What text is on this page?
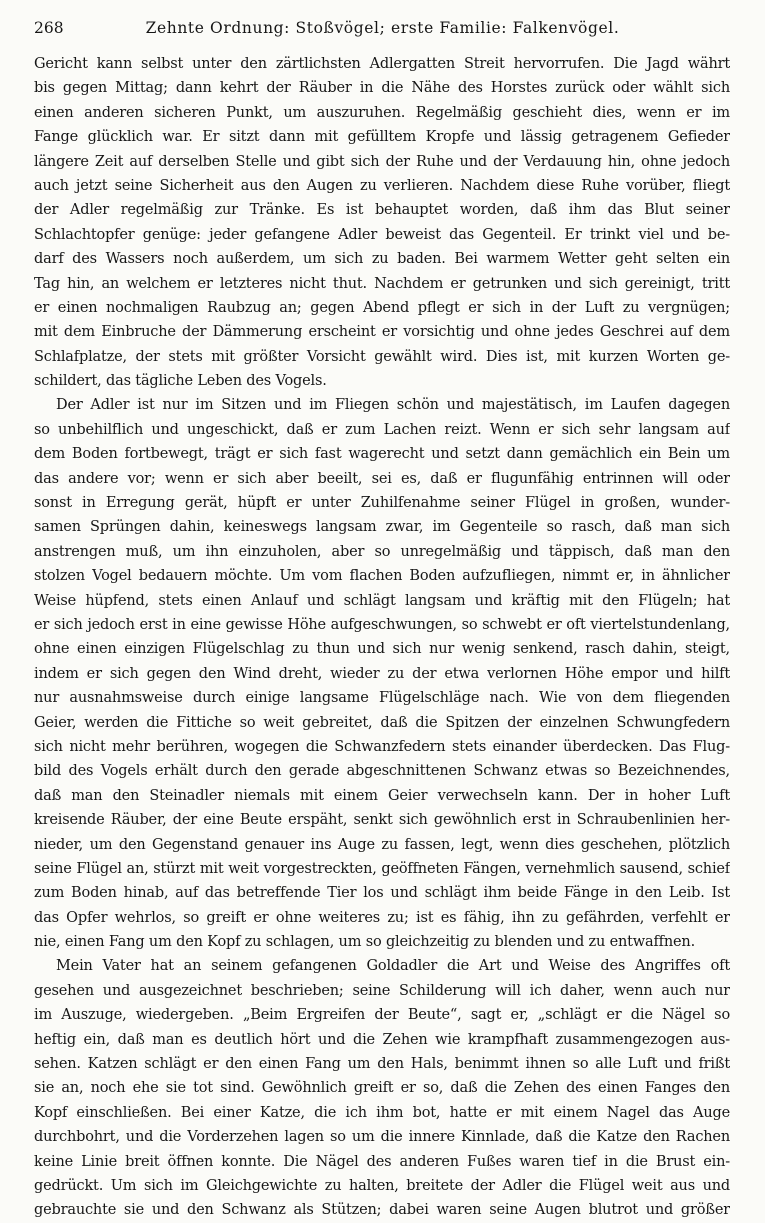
268	Zehnte Ordnung: Stoßvögel; erste Familie: Falkenvögel.
Gericht kann selbst unter den zärtlichsten Adlergatten Streit hervorrufen. Die Jagd währt
bis gegen Mittag; dann kehrt der Räuber in die Nähe des Horstes zurück oder wählt sich
einen anderen sicheren Punkt, um auszuruhen. Regelmäßig geschieht dies, wenn er im
Fange glücklich war. Er sitzt dann mit gefülltem Kropfe und lässig getragenem Gefieder
längere Zeit auf derselben Stelle und gibt sich der Ruhe und der Verdauung hin, ohne jedoch
auch jetzt seine Sicherheit aus den Augen zu verlieren. Nachdem diese Ruhe vorüber, fliegt
der Adler regelmäßig zur Tränke. Es ist behauptet worden, daß ihm das Blut seiner
Schlachtopfer genüge: jeder gefangene Adler beweist das Gegenteil. Er trinkt viel und be-
darf des Wassers noch außerdem, um sich zu baden. Bei warmem Wetter geht selten ein
Tag hin, an welchem er letzteres nicht thut. Nachdem er getrunken und sich gereinigt, tritt
er einen nochmaligen Raubzug an; gegen Abend pflegt er sich in der Luft zu vergnügen;
mit dem Einbruche der Dämmerung erscheint er vorsichtig und ohne jedes Geschrei auf dem
Schlafplatze, der stets mit größter Vorsicht gewählt wird. Dies ist, mit kurzen Worten ge-
schildert, das tägliche Leben des Vogels.
Der Adler ist nur im Sitzen und im Fliegen schön und majestätisch, im Laufen dagegen
so unbehilflich und ungeschickt, daß er zum Lachen reizt. Wenn er sich sehr langsam auf
dem Boden fortbewegt, trägt er sich fast wagerecht und setzt dann gemächlich ein Bein um
das andere vor; wenn er sich aber beeilt, sei es, daß er flugunfähig entrinnen will oder
sonst in Erregung gerät, hüpft er unter Zuhilfenahme seiner Flügel in großen, wunder-
samen Sprüngen dahin, keineswegs langsam zwar, im Gegenteile so rasch, daß man sich
anstrengen muß, um ihn einzuholen, aber so unregelmäßig und täppisch, daß man den
stolzen Vogel bedauern möchte. Um vom flachen Boden aufzufliegen, nimmt er, in ähnlicher
Weise hüpfend, stets einen Anlauf und schlägt langsam und kräftig mit den Flügeln; hat
er sich jedoch erst in eine gewisse Höhe aufgeschwungen, so schwebt er oft viertelstundenlang,
ohne einen einzigen Flügelschlag zu thun und sich nur wenig senkend, rasch dahin, steigt,
indem er sich gegen den Wind dreht, wieder zu der etwa verlornen Höhe empor und hilft
nur ausnahmsweise durch einige langsame Flügelschläge nach. Wie von dem fliegenden
Geier, werden die Fittiche so weit gebreitet, daß die Spitzen der einzelnen Schwungfedern
sich nicht mehr berühren, wogegen die Schwanzfedern stets einander überdecken. Das Flug-
bild des Vogels erhält durch den gerade abgeschnittenen Schwanz etwas so Bezeichnendes,
daß man den Steinadler niemals mit einem Geier verwechseln kann. Der in hoher Luft
kreisende Räuber, der eine Beute erspäht, senkt sich gewöhnlich erst in Schraubenlinien her-
nieder, um den Gegenstand genauer ins Auge zu fassen, legt, wenn dies geschehen, plötzlich
seine Flügel an, stürzt mit weit vorgestreckten, geöffneten Fängen, vernehmlich sausend, schief
zum Boden hinab, auf das betreffende Tier los und schlägt ihm beide Fänge in den Leib. Ist
das Opfer wehrlos, so greift er ohne weiteres zu; ist es fähig, ihn zu gefährden, verfehlt er
nie, einen Fang um den Kopf zu schlagen, um so gleichzeitig zu blenden und zu entwaffnen.
Mein Vater hat an seinem gefangenen Goldadler die Art und Weise des Angriffes oft
gesehen und ausgezeichnet beschrieben; seine Schilderung will ich daher, wenn auch nur
im Auszuge, wiedergeben. „Beim Ergreifen der Beute“, sagt er, „schlägt er die Nägel so
heftig ein, daß man es deutlich hört und die Zehen wie krampfhaft zusammengezogen aus-
sehen. Katzen schlägt er den einen Fang um den Hals, benimmt ihnen so alle Luft und frißt
sie an, noch ehe sie tot sind. Gewöhnlich greift er so, daß die Zehen des einen Fanges den
Kopf einschließen. Bei einer Katze, die ich ihm bot, hatte er mit einem Nagel das Auge
durchbohrt, und die Vorderzehen lagen so um die innere Kinnlade, daß die Katze den Rachen
keine Linie breit öffnen konnte. Die Nägel des anderen Fußes waren tief in die Brust ein-
gedrückt. Um sich im Gleichgewichte zu halten, breitete der Adler die Flügel weit aus und
gebrauchte sie und den Schwanz als Stützen; dabei waren seine Augen blutrot und größer
